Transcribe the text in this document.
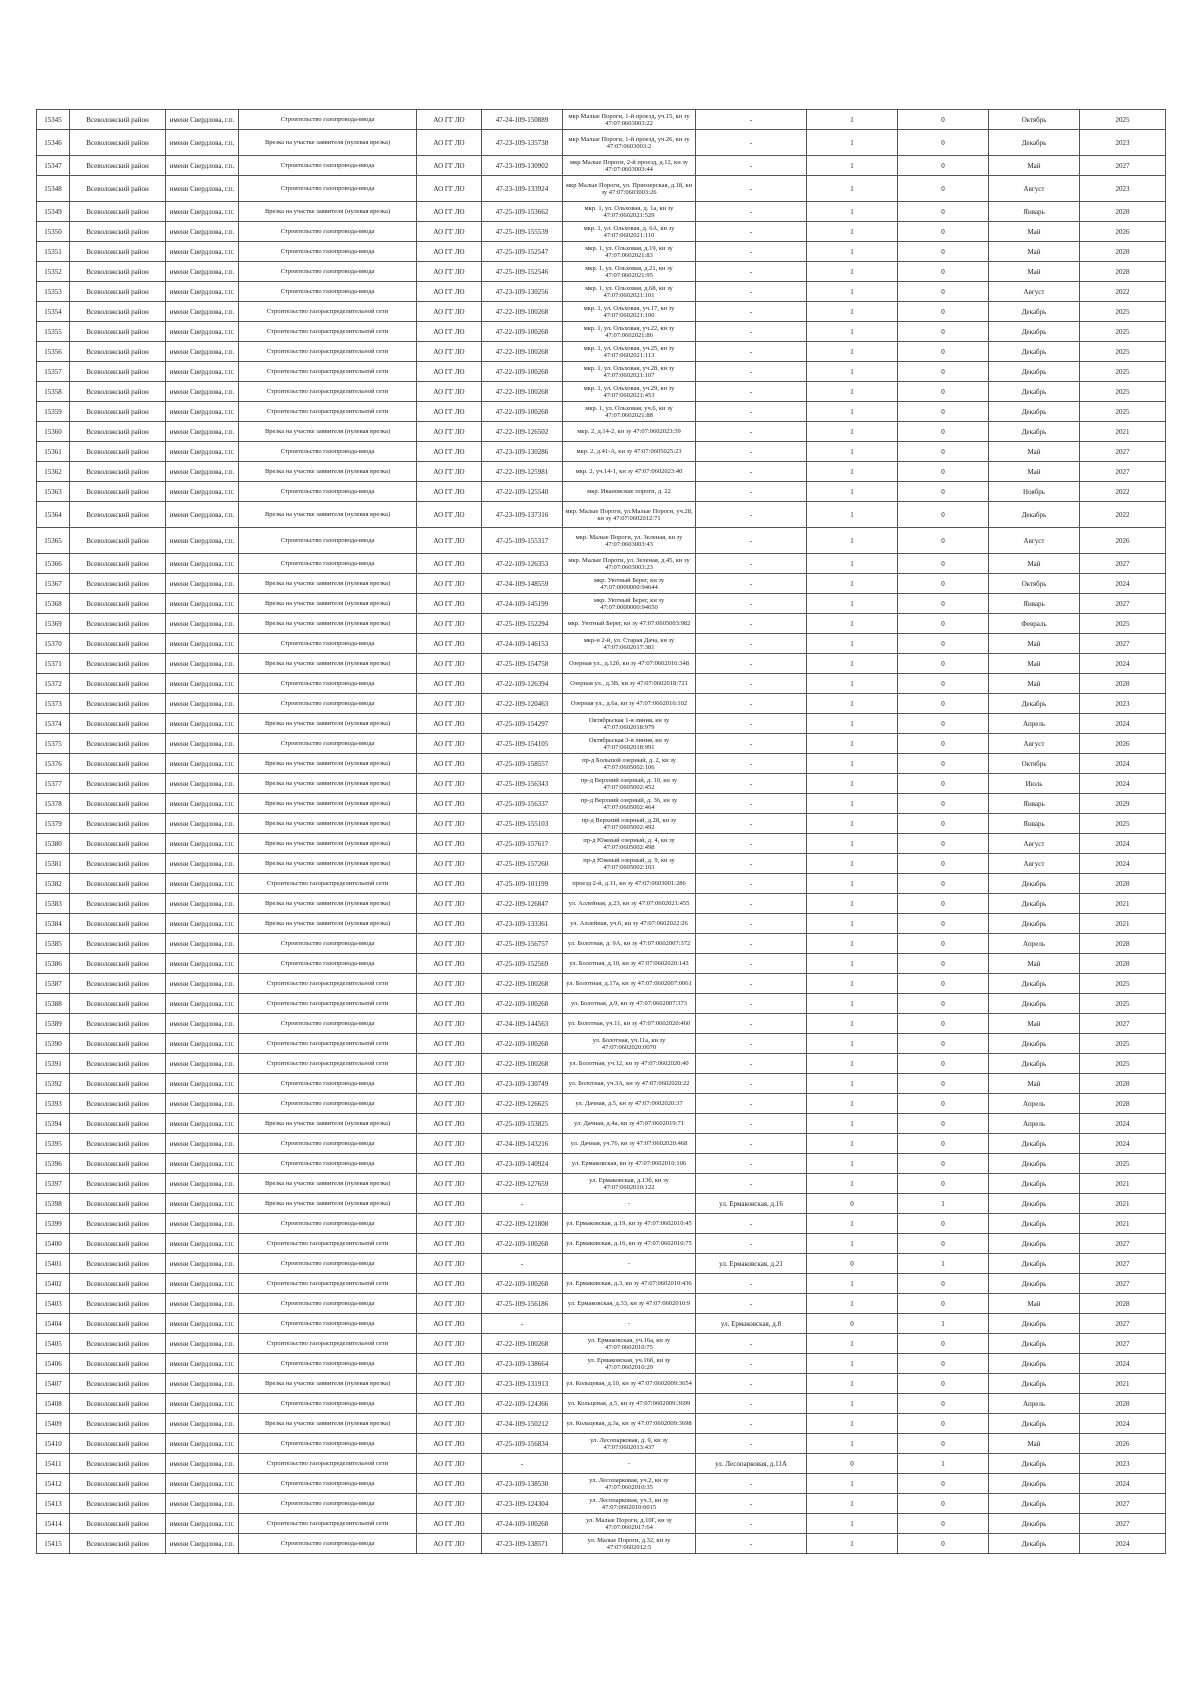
15345	Всеволожский район	имени Свердлова, г.п.	Строительство газопровода-ввода	АО ГГ ЛО	47-24-109-150889	мкр Малые Пороги, 1-й проезд, уч.15, кн зу 47:07:0603003:22	-	1	0	Октябрь	2025
15346	Всеволожский район	имени Свердлова, г.п.	Врезка на участке заявителя (нулевая врезка)	АО ГГ ЛО	47-23-109-135738	мкр Малые Пороги, 1-й проезд, уч.26, кн зу 47:07:0603003:2	-	1	0	Декабрь	2023
15347	Всеволожский район	имени Свердлова, г.п.	Строительство газопровода-ввода	АО ГГ ЛО	47-23-109-130902	мкр Малые Пороги, 2-й проезд, д.12, кн зу 47:07:0603003:44	-	1	0	Май	2027
15348	Всеволожский район	имени Свердлова, г.п.	Строительство газопровода-ввода	АО ГГ ЛО	47-23-109-133924	мкр Малые Пороги, ул. Приозерская, д.18, кн зу 47:07:0603003:26	-	1	0	Август	2023
15349	Всеволожский район	имени Свердлова, г.п.	Врезка на участке заявителя (нулевая врезка)	АО ГГ ЛО	47-25-109-153662	мкр. 1, ул. Ольховая, д. 1а, кн зу 47:07:0602021:529	-	1	0	Январь	2028
15350	Всеволожский район	имени Свердлова, г.п.	Строительство газопровода-ввода	АО ГГ ЛО	47-25-109-155539	мкр. 1, ул. Ольховая, д. 6А, кн зу 47:07:0602021:110	-	1	0	Май	2026
15351	Всеволожский район	имени Свердлова, г.п.	Строительство газопровода-ввода	АО ГГ ЛО	47-25-109-152547	мкр. 1, ул. Ольховая, д.19, кн зу 47:07:0602021:83	-	1	0	Май	2028
15352	Всеволожский район	имени Свердлова, г.п.	Строительство газопровода-ввода	АО ГГ ЛО	47-25-109-152546	мкр. 1, ул. Ольховая, д.21, кн зу 47:07:0602021:95	-	1	0	Май	2028
15353	Всеволожский район	имени Свердлова, г.п.	Строительство газопровода-ввода	АО ГГ ЛО	47-23-109-130256	мкр. 1, ул. Ольховая, д.68, кн зу 47:07:0602021:101	-	1	0	Август	2022
15354	Всеволожский район	имени Свердлова, г.п.	Строительство газораспределительной сети	АО ГГ ЛО	47-22-109-100268	мкр. 1, ул. Ольховая, уч.17, кн зу 47:07:0602021:100	-	1	0	Декабрь	2025
15355	Всеволожский район	имени Свердлова, г.п.	Строительство газораспределительной сети	АО ГГ ЛО	47-22-109-100268	мкр. 1, ул. Ольховая, уч.22, кн зу 47:07:0602021:86	-	1	0	Декабрь	2025
15356	Всеволожский район	имени Свердлова, г.п.	Строительство газораспределительной сети	АО ГГ ЛО	47-22-109-100268	мкр. 1, ул. Ольховая, уч.25, кн зу 47:07:0602021:113	-	1	0	Декабрь	2025
15357	Всеволожский район	имени Свердлова, г.п.	Строительство газораспределительной сети	АО ГГ ЛО	47-22-109-100268	мкр. 1, ул. Ольховая, уч.28, кн зу 47:07:0602021:107	-	1	0	Декабрь	2025
15358	Всеволожский район	имени Свердлова, г.п.	Строительство газораспределительной сети	АО ГГ ЛО	47-22-109-100268	мкр. 1, ул. Ольховая, уч.29, кн зу 47:07:0602021:453	-	1	0	Декабрь	2025
15359	Всеволожский район	имени Свердлова, г.п.	Строительство газораспределительной сети	АО ГГ ЛО	47-22-109-100268	мкр. 1, ул. Ольховая, уч.6, кн зу 47:07:0602021:88	-	1	0	Декабрь	2025
15360	Всеволожский район	имени Свердлова, г.п.	Врезка на участке заявителя (нулевая врезка)	АО ГГ ЛО	47-22-109-126502	мкр. 2, д.14-2, кн зу 47:07:0602023:39	-	1	0	Декабрь	2021
15361	Всеволожский район	имени Свердлова, г.п.	Строительство газопровода-ввода	АО ГГ ЛО	47-23-109-130286	мкр. 2, д.41-А, кн зу 47:07:0605025:23	-	1	0	Май	2027
15362	Всеволожский район	имени Свердлова, г.п.	Врезка на участке заявителя (нулевая врезка)	АО ГГ ЛО	47-22-109-125981	мкр. 2, уч.14-1, кн зу 47:07:0602023:40	-	1	0	Май	2027
15363	Всеволожский район	имени Свердлова, г.п.	Строительство газопровода-ввода	АО ГГ ЛО	47-22-109-125540	мкр. Ивановские пороги, д. 22	-	1	0	Ноябрь	2022
15364	Всеволожский район	имени Свердлова, г.п.	Врезка на участке заявителя (нулевая врезка)	АО ГГ ЛО	47-23-109-137316	мкр. Малые Пороги, ул.Малые Пороги, уч.28, кн зу 47:07:0602012:71	-	1	0	Декабрь	2022
15365	Всеволожский район	имени Свердлова, г.п.	Строительство газопровода-ввода	АО ГГ ЛО	47-25-109-155317	мкр. Малые Пороги, ул. Зеленая, кн зу 47:07:0603003:43	-	1	0	Август	2026
15366	Всеволожский район	имени Свердлова, г.п.	Строительство газопровода-ввода	АО ГГ ЛО	47-22-109-126353	мкр. Малые Пороги, ул. Зеленая, д.45, кн зу 47:07:0603003:23	-	1	0	Май	2027
15367	Всеволожский район	имени Свердлова, г.п.	Врезка на участке заявителя (нулевая врезка)	АО ГГ ЛО	47-24-109-148559	мкр. Уютный Берег, кн зу 47:07:0000000:94644	-	1	0	Октябрь	2024
15368	Всеволожский район	имени Свердлова, г.п.	Врезка на участке заявителя (нулевая врезка)	АО ГГ ЛО	47-24-109-145199	мкр. Уютный Берег, кн зу 47:07:0000000:94650	-	1	0	Январь	2027
15369	Всеволожский район	имени Свердлова, г.п.	Врезка на участке заявителя (нулевая врезка)	АО ГГ ЛО	47-25-109-152294	мкр. Уютный Берег, кн зу 47:07:0605003:982	-	1	0	Февраль	2025
15370	Всеволожский район	имени Свердлова, г.п.	Строительство газопровода-ввода	АО ГГ ЛО	47-24-109-146153	мкр-н 2-й, ул. Старая Дача, кн зу 47:07:0602017:381	-	1	0	Май	2027
15371	Всеволожский район	имени Свердлова, г.п.	Врезка на участке заявителя (нулевая врезка)	АО ГГ ЛО	47-25-109-154758	Озерная ул., д.12б, кн зу 47:07:0602016:348	-	1	0	Май	2024
15372	Всеволожский район	имени Свердлова, г.п.	Строительство газопровода-ввода	АО ГГ ЛО	47-22-109-126394	Озерная ул., д.3В, кн зу 47:07:0602018:721	-	1	0	Май	2028
15373	Всеволожский район	имени Свердлова, г.п.	Строительство газопровода-ввода	АО ГГ ЛО	47-22-109-120463	Озерная ул., д.6а, кн зу 47:07:0602016:102	-	1	0	Декабрь	2023
15374	Всеволожский район	имени Свердлова, г.п.	Врезка на участке заявителя (нулевая врезка)	АО ГГ ЛО	47-25-109-154297	Октябрьская 1-я линия, кн зу 47:07:0602018:979	-	1	0	Апрель	2024
15375	Всеволожский район	имени Свердлова, г.п.	Строительство газопровода-ввода	АО ГГ ЛО	47-25-109-154105	Октябрьская 3-я линия, кн зу 47:07:0602018:991	-	1	0	Август	2026
15376	Всеволожский район	имени Свердлова, г.п.	Врезка на участке заявителя (нулевая врезка)	АО ГГ ЛО	47-25-109-158557	пр-д Большой озерный, д. 2, кн зу 47:07:0605002:106	-	1	0	Октябрь	2024
15377	Всеволожский район	имени Свердлова, г.п.	Врезка на участке заявителя (нулевая врезка)	АО ГГ ЛО	47-25-109-156343	пр-д Верхний озерный, д. 10, кн зу 47:07:0605002:452	-	1	0	Июль	2024
15378	Всеволожский район	имени Свердлова, г.п.	Врезка на участке заявителя (нулевая врезка)	АО ГГ ЛО	47-25-109-156337	пр-д Верхний озерный, д. 36, кн зу 47:07:0605002:464	-	1	0	Январь	2029
15379	Всеволожский район	имени Свердлова, г.п.	Врезка на участке заявителя (нулевая врезка)	АО ГГ ЛО	47-25-109-155103	пр-д Верхний озерный, д.28, кн зу 47:07:0605002:492	-	1	0	Январь	2025
15380	Всеволожский район	имени Свердлова, г.п.	Врезка на участке заявителя (нулевая врезка)	АО ГГ ЛО	47-25-109-157617	пр-д Южный озерный, д. 4, кн зу 47:07:0605002:498	-	1	0	Август	2024
15381	Всеволожский район	имени Свердлова, г.п.	Врезка на участке заявителя (нулевая врезка)	АО ГГ ЛО	47-25-109-157260	пр-д Южный озерный, д. 9, кн зу 47:07:0605002:103	-	1	0	Август	2024
15382	Всеволожский район	имени Свердлова, г.п.	Строительство газораспределительной сети	АО ГГ ЛО	47-25-109-101199	проезд 2-й, д.11, кн зу 47:07:0603001:286	-	1	0	Декабрь	2028
15383	Всеволожский район	имени Свердлова, г.п.	Врезка на участке заявителя (нулевая врезка)	АО ГГ ЛО	47-22-109-126847	ул. Аллейная, д.23, кн зу 47:07:0602021:455	-	1	0	Декабрь	2021
15384	Всеволожский район	имени Свердлова, г.п.	Врезка на участке заявителя (нулевая врезка)	АО ГГ ЛО	47-23-109-133361	ул. Аллейная, уч.6, кн зу 47:07:0602022:26	-	1	0	Декабрь	2021
15385	Всеволожский район	имени Свердлова, г.п.	Строительство газопровода-ввода	АО ГГ ЛО	47-25-109-156757	ул. Болотная, д. 9А, кн зу 47:07:0602007:372	-	1	0	Апрель	2028
15386	Всеволожский район	имени Свердлова, г.п.	Строительство газопровода-ввода	АО ГГ ЛО	47-25-109-152569	ул. Болотная, д.10, кн зу 47:07:0602020:143	-	1	0	Май	2028
15387	Всеволожский район	имени Свердлова, г.п.	Строительство газораспределительной сети	АО ГГ ЛО	47-22-109-100268	ул. Болотная, д.17а, кн зу 47:07:0602007:0061	-	1	0	Декабрь	2025
15388	Всеволожский район	имени Свердлова, г.п.	Строительство газораспределительной сети	АО ГГ ЛО	47-22-109-100268	ул. Болотная, д.9, кн зу 47:07:0602007:373	-	1	0	Декабрь	2025
15389	Всеволожский район	имени Свердлова, г.п.	Строительство газопровода-ввода	АО ГГ ЛО	47-24-109-144563	ул. Болотная, уч.11, кн зу 47:07:0602020:460	-	1	0	Май	2027
15390	Всеволожский район	имени Свердлова, г.п.	Строительство газораспределительной сети	АО ГГ ЛО	47-22-109-100268	ул. Болотная, уч.11а, кн зу 47:07:0602020:0070	-	1	0	Декабрь	2025
15391	Всеволожский район	имени Свердлова, г.п.	Строительство газораспределительной сети	АО ГГ ЛО	47-22-109-100268	ул. Болотная, уч.12, кн зу 47:07:0602020:40	-	1	0	Декабрь	2025
15392	Всеволожский район	имени Свердлова, г.п.	Строительство газопровода-ввода	АО ГГ ЛО	47-23-109-130749	ул. Болотная, уч.3А, кн зу 47:07:0602020:22	-	1	0	Май	2028
15393	Всеволожский район	имени Свердлова, г.п.	Строительство газопровода-ввода	АО ГГ ЛО	47-22-109-126625	ул. Дачная, д.5, кн зу 47:07:0602020:37	-	1	0	Апрель	2028
15394	Всеволожский район	имени Свердлова, г.п.	Врезка на участке заявителя (нулевая врезка)	АО ГГ ЛО	47-25-109-153825	ул. Дачная, д.4а, кн зу 47:07:0602019:71	-	1	0	Апрель	2024
15395	Всеволожский район	имени Свердлова, г.п.	Строительство газопровода-ввода	АО ГГ ЛО	47-24-109-143216	ул. Дачная, уч.76, кн зу 47:07:0602020:468	-	1	0	Декабрь	2024
15396	Всеволожский район	имени Свердлова, г.п.	Строительство газопровода-ввода	АО ГГ ЛО	47-23-109-140924	ул. Ермаковская, кн зу 47:07:0602010:106	-	1	0	Декабрь	2025
15397	Всеволожский район	имени Свердлова, г.п.	Врезка на участке заявителя (нулевая врезка)	АО ГГ ЛО	47-22-109-127659	ул. Ермаковская, д.13б, кн зу 47:07:0602010:122	-	1	0	Декабрь	2021
15398	Всеволожский район	имени Свердлова, г.п.	Врезка на участке заявителя (нулевая врезка)	АО ГГ ЛО	-	-	ул. Ермаковская, д.16	0	1	Декабрь	2021
15399	Всеволожский район	имени Свердлова, г.п.	Строительство газопровода-ввода	АО ГГ ЛО	47-22-109-121808	ул. Ермаковская, д.19, кн зу 47:07:0602010:45	-	1	0	Декабрь	2021
15400	Всеволожский район	имени Свердлова, г.п.	Строительство газораспределительной сети	АО ГГ ЛО	47-22-109-100268	ул. Ермаковская, д.16, кн зу 47:07:0602010:75	-	1	0	Декабрь	2027
15401	Всеволожский район	имени Свердлова, г.п.	Строительство газопровода-ввода	АО ГГ ЛО	-	-	ул. Ермаковская, д.21	0	1	Декабрь	2027
15402	Всеволожский район	имени Свердлова, г.п.	Строительство газораспределительной сети	АО ГГ ЛО	47-22-109-100268	ул. Ермаковская, д.3, кн зу 47:07:0602010:436	-	1	0	Декабрь	2027
15403	Всеволожский район	имени Свердлова, г.п.	Строительство газопровода-ввода	АО ГГ ЛО	47-25-109-156186	ул. Ермаковская, д.33, кн зу 47:07:0602010:9	-	1	0	Май	2028
15404	Всеволожский район	имени Свердлова, г.п.	Строительство газопровода-ввода	АО ГГ ЛО	-	-	ул. Ермаковская, д.8	0	1	Декабрь	2027
15405	Всеволожский район	имени Свердлова, г.п.	Строительство газораспределительной сети	АО ГГ ЛО	47-22-109-100268	ул. Ермаковская, уч.16а, кн зу 47:07:0602010:75	-	1	0	Декабрь	2027
15406	Всеволожский район	имени Свердлова, г.п.	Строительство газопровода-ввода	АО ГГ ЛО	47-23-109-138664	ул. Ермаковская, уч.16б, кн зу 47:07:0602010:29	-	1	0	Декабрь	2024
15407	Всеволожский район	имени Свердлова, г.п.	Врезка на участке заявителя (нулевая врезка)	АО ГГ ЛО	47-23-109-131913	ул. Кольцевая, д.10, кн зу 47:07:0602009:3654	-	1	0	Декабрь	2021
15408	Всеволожский район	имени Свердлова, г.п.	Строительство газопровода-ввода	АО ГГ ЛО	47-22-109-124366	ул. Кольцевая, д.5, кн зу 47:07:0602009:3699	-	1	0	Апрель	2028
15409	Всеволожский район	имени Свердлова, г.п.	Врезка на участке заявителя (нулевая врезка)	АО ГГ ЛО	47-24-109-150212	ул. Кольцевая, д.3а, кн зу 47:07:0602009:3698	-	1	0	Декабрь	2024
15410	Всеволожский район	имени Свердлова, г.п.	Строительство газопровода-ввода	АО ГГ ЛО	47-25-109-156834	ул. Лесопарковая, д. 9, кн зу 47:07:0602013:437	-	1	0	Май	2026
15411	Всеволожский район	имени Свердлова, г.п.	Строительство газораспределительной сети	АО ГГ ЛО	-	-	ул. Лесопарковая, д.11А	0	1	Декабрь	2023
15412	Всеволожский район	имени Свердлова, г.п.	Строительство газопровода-ввода	АО ГГ ЛО	47-23-109-138530	ул. Лесопарковая, уч.2, кн зу 47:07:0602010:35	-	1	0	Декабрь	2024
15413	Всеволожский район	имени Свердлова, г.п.	Строительство газопровода-ввода	АО ГГ ЛО	47-23-109-124304	ул. Лесопарковая, уч.3, кн зу 47:07:0602010:0015	-	1	0	Декабрь	2027
15414	Всеволожский район	имени Свердлова, г.п.	Строительство газораспределительной сети	АО ГГ ЛО	47-24-109-100268	ул. Малые Пороги, д.10Г, кн зу 47:07:0602017:64	-	1	0	Декабрь	2027
15415	Всеволожский район	имени Свердлова, г.п.	Строительство газопровода-ввода	АО ГГ ЛО	47-23-109-138571	ул. Малые Пороги, д.32, кн зу 47:07:0602012:5	-	1	0	Декабрь	2024
